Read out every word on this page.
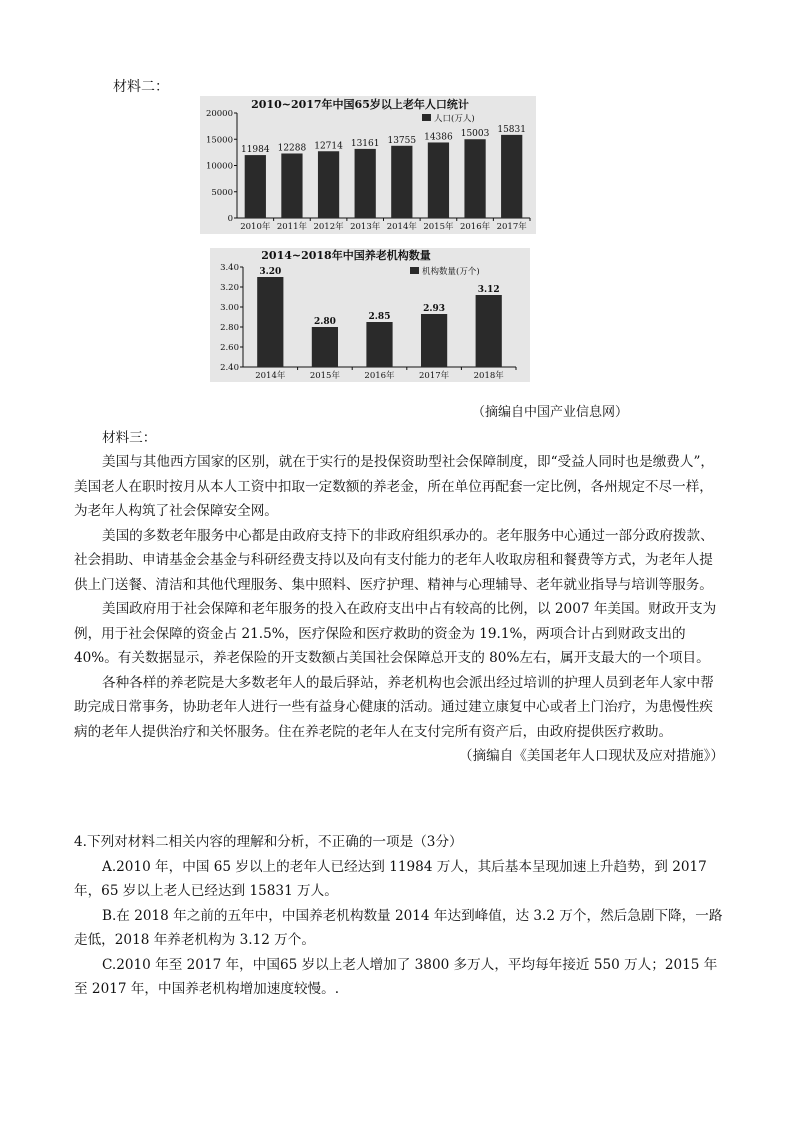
材料二：
2010~2017年中国65岁以上老年人口统计
人口(万人)
0
5000
10000
15000
20000
11984
2010年
12288
2011年
12714
2012年
13161
2013年
13755
2014年
14386
2015年
15003
2016年
15831
2017年
2014~2018年中国养老机构数量
机构数量(万个)
2.40
2.60
2.80
3.00
3.20
3.40 3.20
2014年
2.80
2015年
2.85
2016年
2.93
2017年
3.12
2018年
（摘编自中国产业信息网）

材料三：

美国与其他西方国家的区别，就在于实行的是投保资助型社会保障制度，即“受益人同时也是缴费人”，美国老人在职时按月从本人工资中扣取一定数额的养老金，所在单位再配套一定比例，各州规定不尽一样，为老年人构筑了社会保障安全网。

美国的多数老年服务中心都是由政府支持下的非政府组织承办的。老年服务中心通过一部分政府拨款、社会捐助、申请基金会基金与科研经费支持以及向有支付能力的老年人收取房租和餐费等方式，为老年人提供上门送餐、清洁和其他代理服务、集中照料、医疗护理、精神与心理辅导、老年就业指导与培训等服务。

美国政府用于社会保障和老年服务的投入在政府支出中占有较高的比例，以 2007 年美国。财政开支为例，用于社会保障的资金占 21.5%，医疗保险和医疗救助的资金为 19.1%，两项合计占到财政支出的 40%。有关数据显示，养老保险的开支数额占美国社会保障总开支的 80%左右，属开支最大的一个项目。

各种各样的养老院是大多数老年人的最后驿站，养老机构也会派出经过培训的护理人员到老年人家中帮助完成日常事务，协助老年人进行一些有益身心健康的活动。通过建立康复中心或者上门治疗，为患慢性疾病的老年人提供治疗和关怀服务。住在养老院的老年人在支付完所有资产后，由政府提供医疗救助。

（摘编自《美国老年人口现状及应对措施》）

4.下列对材料二相关内容的理解和分析，不正确的一项是（3分）

A.2010 年，中国 65 岁以上的老年人已经达到 11984 万人，其后基本呈现加速上升趋势，到 2017 年，65 岁以上老人已经达到 15831 万人。

B.在 2018 年之前的五年中，中国养老机构数量 2014 年达到峰值，达 3.2 万个，然后急剧下降，一路走低，2018 年养老机构为 3.12 万个。

C.2010 年至 2017 年，中国65 岁以上老人增加了 3800 多万人，平均每年接近 550 万人；2015 年至 2017 年，中国养老机构增加速度较慢。.
